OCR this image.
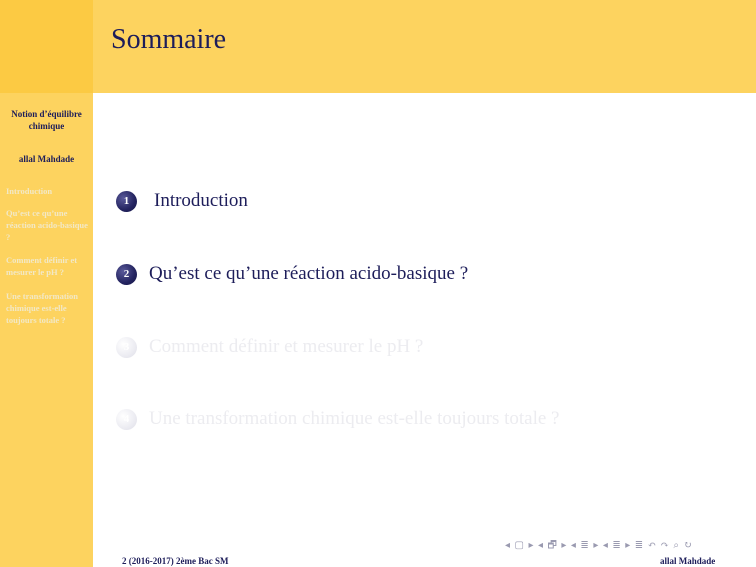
Sommaire
Notion d’équilibre chimique
allal Mahdade
Introduction
Qu’est ce qu’une réaction acido-basique ?
Comment définir et mesurer le pH ?
Une transformation chimique est-elle toujours totale ?
1	Introduction
2	Qu’est ce qu’une réaction acido-basique ?
3	Comment définir et mesurer le pH ?
4	Une transformation chimique est-elle toujours totale ?
◂ ▢ ▸ ◂ 🗗 ▸ ◂ ≣ ▸ ◂ ≣ ▸ ≣ ↶ ↷ ⌕ ↻
2 (2016-2017) 2ème Bac SM	allal Mahdade
